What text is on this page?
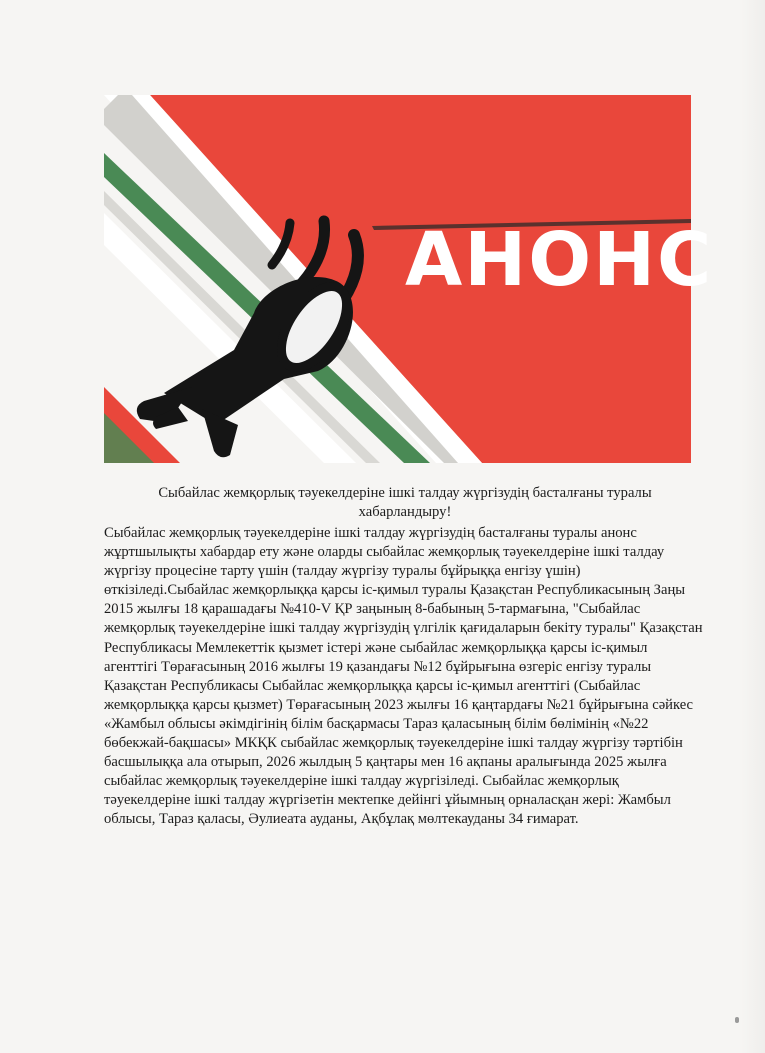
АНОНС

Сыбайлас жемқорлық тәуекелдеріне ішкі талдау жүргізудің басталғаны туралы хабарландыру!

Сыбайлас жемқорлық тәуекелдеріне ішкі талдау жүргізудің басталғаны туралы анонс жұртшылықты хабардар ету және оларды сыбайлас жемқорлық тәуекелдеріне ішкі талдау жүргізу процесіне тарту үшін (талдау жүргізу туралы бұйрыққа енгізу үшін) өткізіледі.Сыбайлас жемқорлыққа қарсы іс-қимыл туралы Қазақстан Республикасының Заңы 2015 жылғы 18 қарашадағы №410-V ҚР заңының 8-бабының 5-тармағына, "Сыбайлас жемқорлық тәуекелдеріне ішкі талдау жүргізудің үлгілік қағидаларын бекіту туралы" Қазақстан Республикасы Мемлекеттік қызмет істері және сыбайлас жемқорлыққа қарсы іс-қимыл агенттігі Төрағасының 2016 жылғы 19 қазандағы №12 бұйрығына өзгеріс енгізу туралы Қазақстан Республикасы Сыбайлас жемқорлыққа қарсы іс-қимыл агенттігі (Сыбайлас жемқорлыққа қарсы қызмет) Төрағасының 2023 жылғы 16 қаңтардағы №21 бұйрығына сәйкес «Жамбыл облысы әкімдігінің білім басқармасы Тараз қаласының білім бөлімінің «№22 бөбекжай-бақшасы» МКҚК сыбайлас жемқорлық тәуекелдеріне ішкі талдау жүргізу тәртібін басшылыққа ала отырып, 2026 жылдың 5 қаңтары мен 16 ақпаны аралығында 2025 жылға сыбайлас жемқорлық тәуекелдеріне ішкі талдау жүргізіледі. Сыбайлас жемқорлық тәуекелдеріне ішкі талдау жүргізетін мектепке дейінгі ұйымның орналасқан жері: Жамбыл облысы, Тараз қаласы, Әулиеата ауданы, Ақбұлақ мөлтекауданы 34 ғимарат.
